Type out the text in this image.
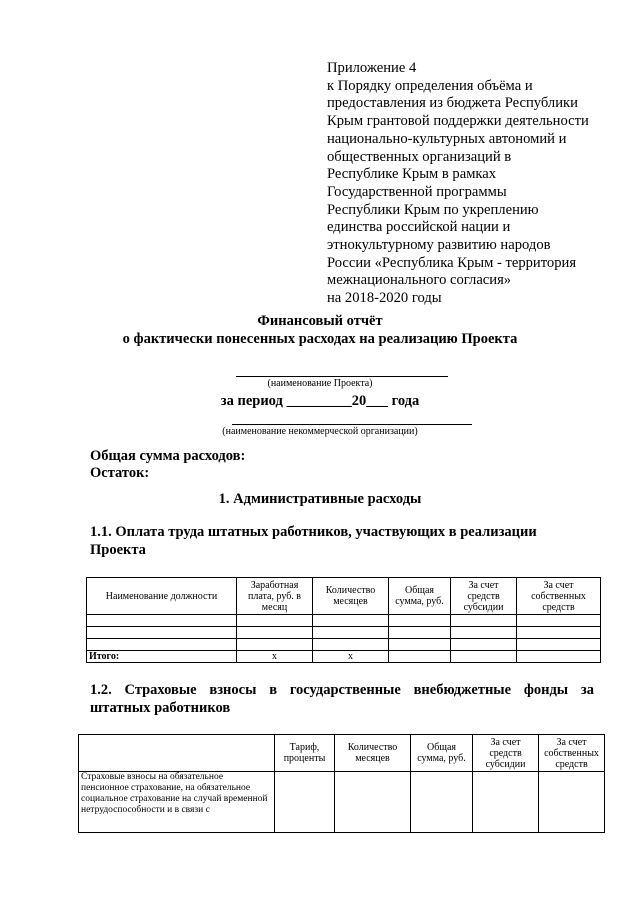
Приложение 4
к Порядку определения объёма и
предоставления из бюджета Республики
Крым грантовой поддержки деятельности
национально-культурных автономий и
общественных организаций в
Республике Крым в рамках
Государственной программы
Республики Крым по укреплению
единства российской нации и
этнокультурному развитию народов
России «Республика Крым - территория
межнационального согласия»
на 2018-2020 годы
Финансовый отчёт
о фактически понесенных расходах на реализацию Проекта
(наименование Проекта)
за период _________20___ года
(наименование некоммерческой организации)
Общая сумма расходов:
Остаток:
1. Административные расходы
1.1. Оплата труда штатных работников, участвующих в реализации Проекта
Наименование должности	Заработная плата, руб. в месяц	Количество месяцев	Общая сумма, руб.	За счет средств субсидии	За счет собственных средств

Итого:	х	х			
1.2. Страховые взносы в государственные внебюджетные фонды за
штатных работников
	Тариф, проценты	Количество месяцев	Общая сумма, руб.	За счет средств субсидии	За счет собственных средств
Страховые взносы на обязательное пенсионное страхование, на обязательное социальное страхование на случай временной нетрудоспособности и в связи с					
